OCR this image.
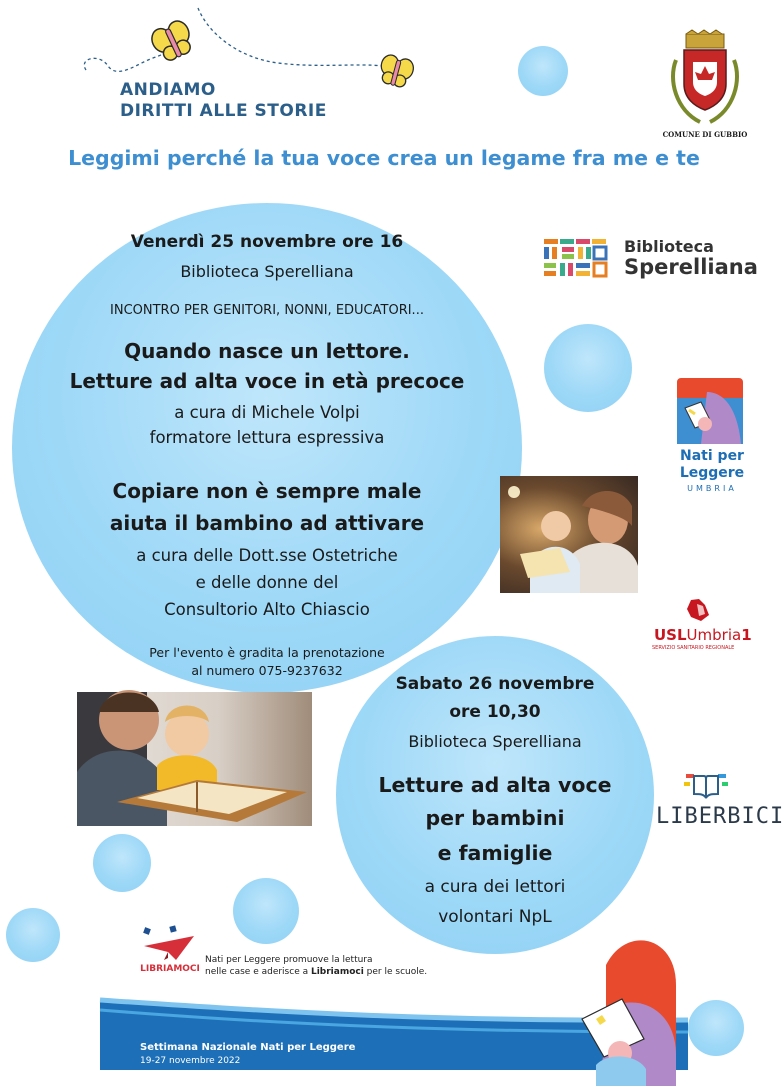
ANDIAMO
DIRITTI ALLE STORIE
COMUNE DI GUBBIO
Leggimi perché la tua voce crea un legame fra me e te
Venerdì 25 novembre ore 16
Biblioteca Sperelliana
INCONTRO PER GENITORI, NONNI, EDUCATORI...
Quando nasce un lettore.
Letture ad alta voce in età precoce
a cura di Michele Volpi
formatore lettura espressiva
Copiare non è sempre male
aiuta il bambino ad attivare
a cura delle Dott.sse Ostetriche
e delle donne del
Consultorio Alto Chiascio
Per l'evento è gradita la prenotazione
al numero 075-9237632
Biblioteca
Sperelliana
Nati per
Leggere
UMBRIA
USLUmbria1
SERVIZIO SANITARIO REGIONALE
Sabato 26 novembre
ore 10,30
Biblioteca Sperelliana
Letture ad alta voce
per bambini
e famiglie
a cura dei lettori
volontari NpL
LIBERBICI
Settimana Nazionale Nati per Leggere
19-27 novembre 2022
LIBRIAMOCI
Nati per Leggere promuove la lettura
nelle case e aderisce a Libriamoci per le scuole.
